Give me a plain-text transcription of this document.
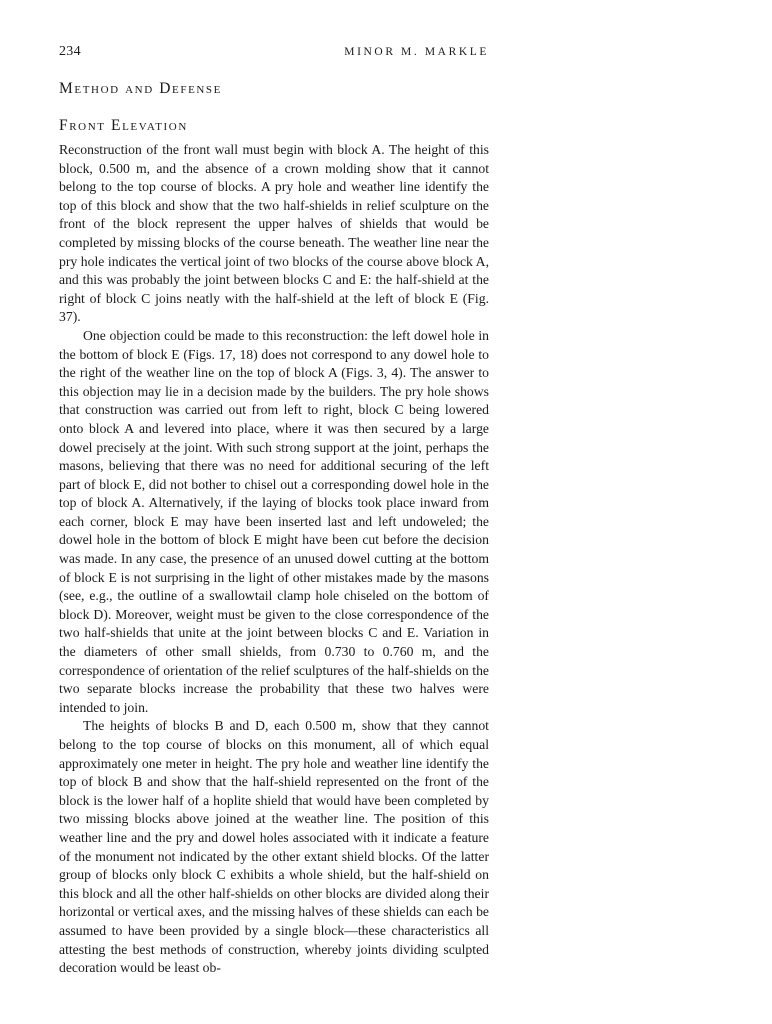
234	MINOR M. MARKLE
Method and Defense
Front Elevation

Reconstruction of the front wall must begin with block A. The height of this block, 0.500 m, and the absence of a crown molding show that it cannot belong to the top course of blocks. A pry hole and weather line identify the top of this block and show that the two half-shields in relief sculpture on the front of the block represent the upper halves of shields that would be completed by missing blocks of the course beneath. The weather line near the pry hole indicates the vertical joint of two blocks of the course above block A, and this was probably the joint between blocks C and E: the half-shield at the right of block C joins neatly with the half-shield at the left of block E (Fig. 37).

One objection could be made to this reconstruction: the left dowel hole in the bottom of block E (Figs. 17, 18) does not correspond to any dowel hole to the right of the weather line on the top of block A (Figs. 3, 4). The answer to this objection may lie in a decision made by the builders. The pry hole shows that construction was carried out from left to right, block C being lowered onto block A and levered into place, where it was then secured by a large dowel precisely at the joint. With such strong support at the joint, perhaps the masons, believing that there was no need for additional securing of the left part of block E, did not bother to chisel out a corresponding dowel hole in the top of block A. Alternatively, if the laying of blocks took place inward from each corner, block E may have been inserted last and left undoweled; the dowel hole in the bottom of block E might have been cut before the decision was made. In any case, the presence of an unused dowel cutting at the bottom of block E is not surprising in the light of other mistakes made by the masons (see, e.g., the outline of a swallowtail clamp hole chiseled on the bottom of block D). Moreover, weight must be given to the close correspondence of the two half-shields that unite at the joint between blocks C and E. Variation in the diameters of other small shields, from 0.730 to 0.760 m, and the correspondence of orientation of the relief sculptures of the half-shields on the two separate blocks increase the probability that these two halves were intended to join.

The heights of blocks B and D, each 0.500 m, show that they cannot belong to the top course of blocks on this monument, all of which equal approximately one meter in height. The pry hole and weather line identify the top of block B and show that the half-shield represented on the front of the block is the lower half of a hoplite shield that would have been completed by two missing blocks above joined at the weather line. The position of this weather line and the pry and dowel holes associated with it indicate a feature of the monument not indicated by the other extant shield blocks. Of the latter group of blocks only block C exhibits a whole shield, but the half-shield on this block and all the other half-shields on other blocks are divided along their horizontal or vertical axes, and the missing halves of these shields can each be assumed to have been provided by a single block—these characteristics all attesting the best methods of construction, whereby joints dividing sculpted decoration would be least ob-
